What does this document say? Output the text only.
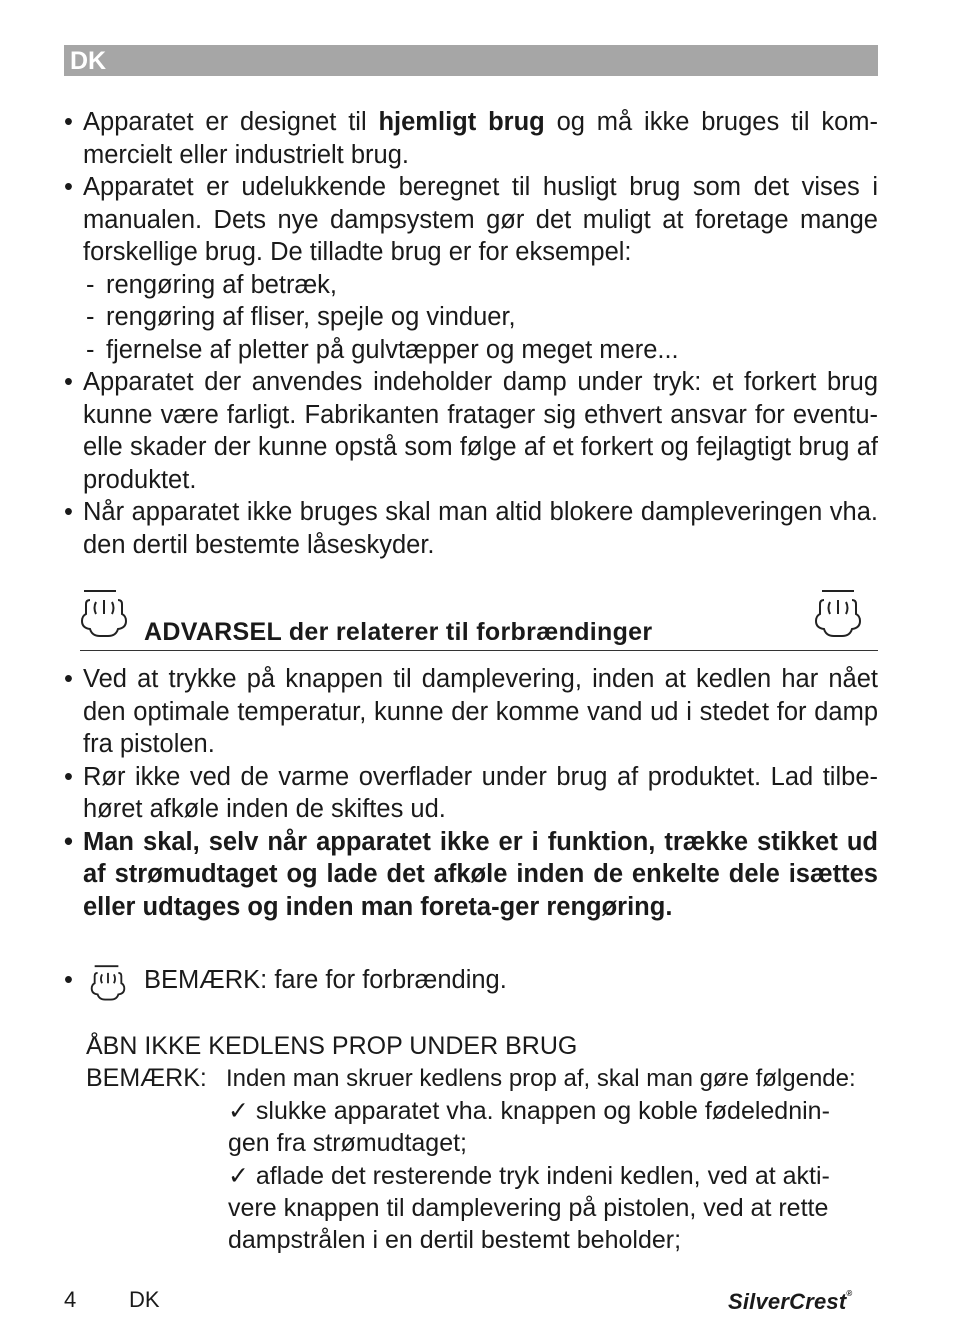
DK
• Apparatet er designet til hjemligt brug og må ikke bruges til kom-mercielt eller industrielt brug.
• Apparatet er udelukkende beregnet til husligt brug som det vises i manualen. Dets nye dampsystem gør det muligt at foretage mange forskellige brug. De tilladte brug er for eksempel:
- rengøring af betræk,
- rengøring af fliser, spejle og vinduer,
- fjernelse af pletter på gulvtæpper og meget mere...
• Apparatet der anvendes indeholder damp under tryk: et forkert brug kunne være farligt. Fabrikanten fratager sig ethvert ansvar for eventu-elle skader der kunne opstå som følge af et forkert og fejlagtigt brug af produktet.
• Når apparatet ikke bruges skal man altid blokere dampleveringen vha. den dertil bestemte låseskyder.
ADVARSEL der relaterer til forbrændinger
• Ved at trykke på knappen til damplevering, inden at kedlen har nået den optimale temperatur, kunne der komme vand ud i stedet for damp fra pistolen.
• Rør ikke ved de varme overflader under brug af produktet. Lad tilbe-høret afkøle inden de skiftes ud.
• Man skal, selv når apparatet ikke er i funktion, trække stikket ud af strømudtaget og lade det afkøle inden de enkelte dele isættes eller udtages og inden man foreta-ger rengøring.
•	BEMÆRK: fare for forbrænding.
ÅBN IKKE KEDLENS PROP UNDER BRUG
BEMÆRK: Inden man skruer kedlens prop af, skal man gøre følgende:
✓ slukke apparatet vha. knappen og koble fødelednin-
gen fra strømudtaget;
✓ aflade det resterende tryk indeni kedlen, ved at akti-
vere knappen til damplevering på pistolen, ved at rette
dampstrålen i en dertil bestemt beholder;
4 DK	SilverCrest®
